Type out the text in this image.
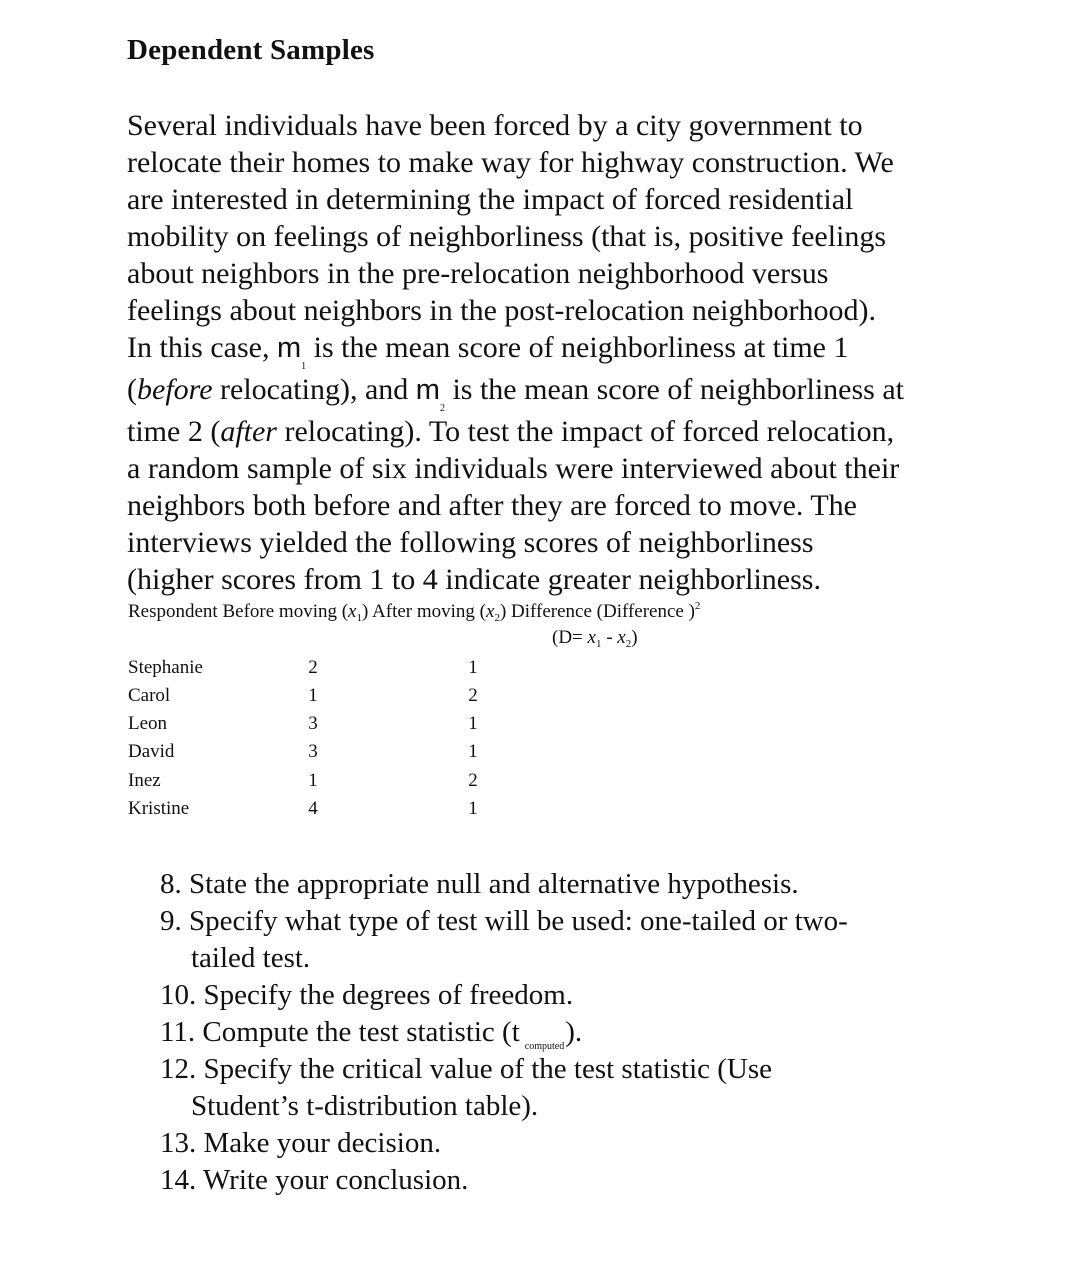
Dependent Samples
Several individuals have been forced by a city government to
relocate their homes to make way for highway construction. We
are interested in determining the impact of forced residential
mobility on feelings of neighborliness (that is, positive feelings
about neighbors in the pre-relocation neighborhood versus
feelings about neighbors in the post-relocation neighborhood).
In this case, $m_1$ is the mean score of neighborliness at time 1
(before relocating), and $m_2$ is the mean score of neighborliness at
time 2 (after relocating). To test the impact of forced relocation,
a random sample of six individuals were interviewed about their
neighbors both before and after they are forced to move. The
interviews yielded the following scores of neighborliness
(higher scores from 1 to 4 indicate greater neighborliness.
Respondent Before moving $(x_1)$ After moving $(x_2)$ Difference (Difference )$^2$
$(D= x_1 - x_2)$
Stephanie	2	1
Carol	1	2
Leon	3	1
David	3	1
Inez	1	2
Kristine	4	1
8. State the appropriate null and alternative hypothesis.
9. Specify what type of test will be used: one-tailed or two-
tailed test.
10. Specify the degrees of freedom.
11. Compute the test statistic (t $_{computed}$).
12. Specify the critical value of the test statistic (Use
Student’s t-distribution table).
13. Make your decision.
14. Write your conclusion.
